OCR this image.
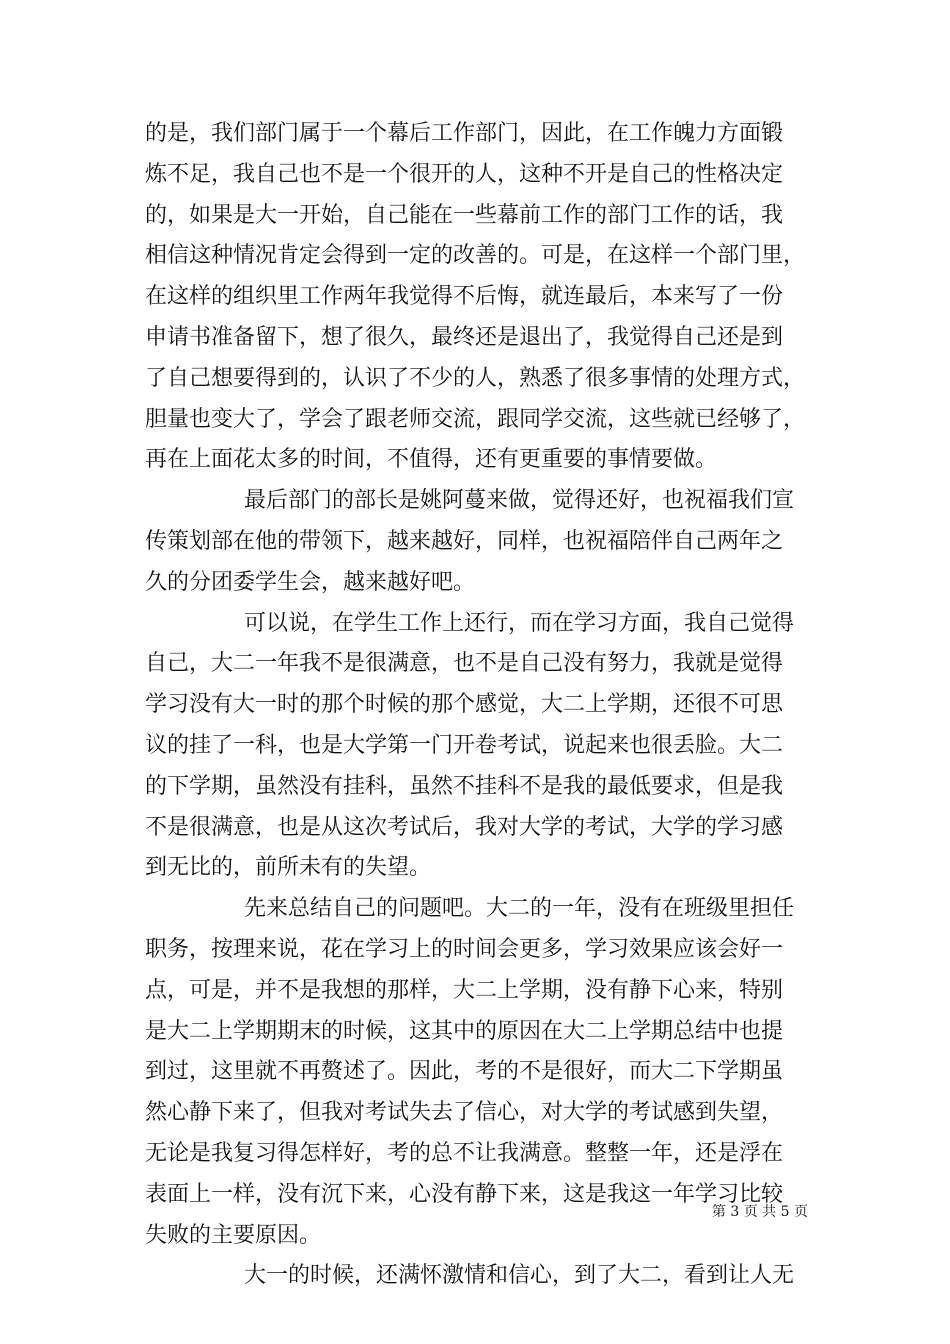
的是，我们部门属于一个幕后工作部门，因此，在工作魄力方面锻
炼不足，我自己也不是一个很开的人，这种不开是自己的性格决定
的，如果是大一开始，自己能在一些幕前工作的部门工作的话，我
相信这种情况肯定会得到一定的改善的。可是，在这样一个部门里，
在这样的组织里工作两年我觉得不后悔，就连最后，本来写了一份
申请书准备留下，想了很久，最终还是退出了，我觉得自己还是到
了自己想要得到的，认识了不少的人，熟悉了很多事情的处理方式，
胆量也变大了，学会了跟老师交流，跟同学交流，这些就已经够了，
再在上面花太多的时间，不值得，还有更重要的事情要做。
最后部门的部长是姚阿蔓来做，觉得还好，也祝福我们宣
传策划部在他的带领下，越来越好，同样，也祝福陪伴自己两年之
久的分团委学生会，越来越好吧。
可以说，在学生工作上还行，而在学习方面，我自己觉得
自己，大二一年我不是很满意，也不是自己没有努力，我就是觉得
学习没有大一时的那个时候的那个感觉，大二上学期，还很不可思
议的挂了一科，也是大学第一门开卷考试，说起来也很丢脸。大二
的下学期，虽然没有挂科，虽然不挂科不是我的最低要求，但是我
不是很满意，也是从这次考试后，我对大学的考试，大学的学习感
到无比的，前所未有的失望。
先来总结自己的问题吧。大二的一年，没有在班级里担任
职务，按理来说，花在学习上的时间会更多，学习效果应该会好一
点，可是，并不是我想的那样，大二上学期，没有静下心来，特别
是大二上学期期末的时候，这其中的原因在大二上学期总结中也提
到过，这里就不再赘述了。因此，考的不是很好，而大二下学期虽
然心静下来了，但我对考试失去了信心，对大学的考试感到失望，
无论是我复习得怎样好，考的总不让我满意。整整一年，还是浮在
表面上一样，没有沉下来，心没有静下来，这是我这一年学习比较
失败的主要原因。
大一的时候，还满怀激情和信心，到了大二，看到让人无
第 3 页 共 5 页
